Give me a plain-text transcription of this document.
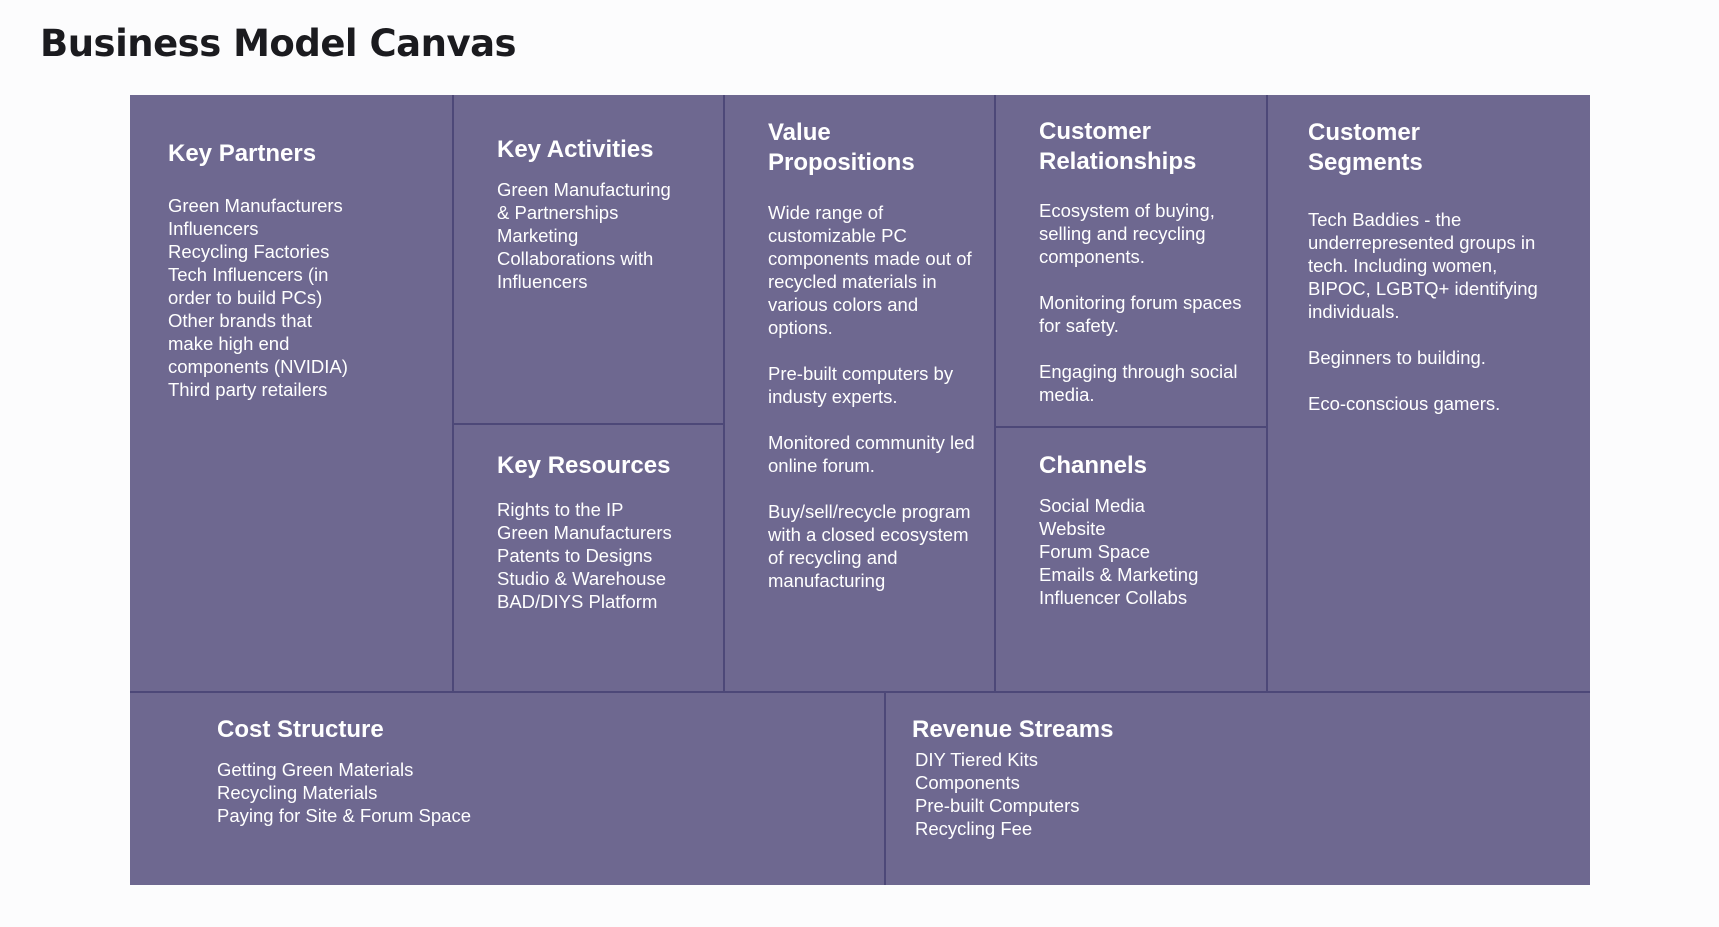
Business Model Canvas
Key Partners
Green Manufacturers
Influencers
Recycling Factories
Tech Influencers (in
order to build PCs)
Other brands that
make high end
components (NVIDIA)
Third party retailers
Key Activities
Green Manufacturing
& Partnerships
Marketing
Collaborations with
Influencers
Key Resources
Rights to the IP
Green Manufacturers
Patents to Designs
Studio & Warehouse
BAD/DIYS Platform
Value Propositions
Wide range of customizable PC components made out of recycled materials in various colors and options.
Pre-built computers by industy experts.
Monitored community led online forum.
Buy/sell/recycle program with a closed ecosystem of recycling and manufacturing
Customer Relationships
Ecosystem of buying, selling and recycling components.
Monitoring forum spaces for safety.
Engaging through social media.
Channels
Social Media
Website
Forum Space
Emails & Marketing
Influencer Collabs
Customer Segments
Tech Baddies - the underrepresented groups in tech. Including women, BIPOC, LGBTQ+ identifying individuals.
Beginners to building.
Eco-conscious gamers.
Cost Structure
Getting Green Materials
Recycling Materials
Paying for Site & Forum Space
Revenue Streams
DIY Tiered Kits
Components
Pre-built Computers
Recycling Fee
